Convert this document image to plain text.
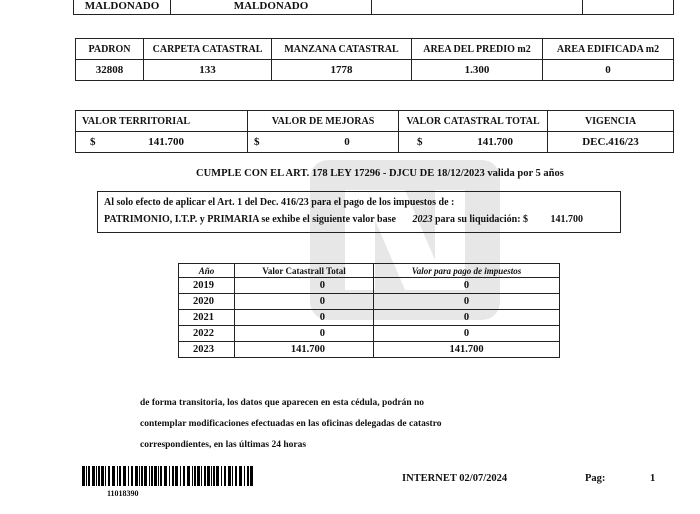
MALDONADO	MALDONADO		
PADRON	CARPETA CATASTRAL	MANZANA CATASTRAL	AREA DEL PREDIO m2	AREA EDIFICADA m2
32808	133	1778	1.300	0
VALOR TERRITORIAL	VALOR DE MEJORAS	VALOR CATASTRAL TOTAL	VIGENCIA
$ 141.700	$ 0	$ 141.700	DEC.416/23
CUMPLE CON EL ART. 178 LEY 17296 - DJCU DE 18/12/2023 valida por 5 años
Al solo efecto de aplicar el Art. 1 del Dec. 416/23 para el pago de los impuestos de :
PATRIMONIO, I.T.P. y PRIMARIA se exhibe el siguiente valor base 2023 para su liquidación: $ 141.700
Año	Valor Catastrall Total	Valor para pago de impuestos
2019	0	0
2020	0	0
2021	0	0
2022	0	0
2023	141.700	141.700
de forma transitoria, los datos que aparecen en esta cédula, podrán no
contemplar modificaciones efectuadas en las oficinas delegadas de catastro
correspondientes, en las últimas 24 horas
11018390
INTERNET 02/07/2024	Pag:	1
